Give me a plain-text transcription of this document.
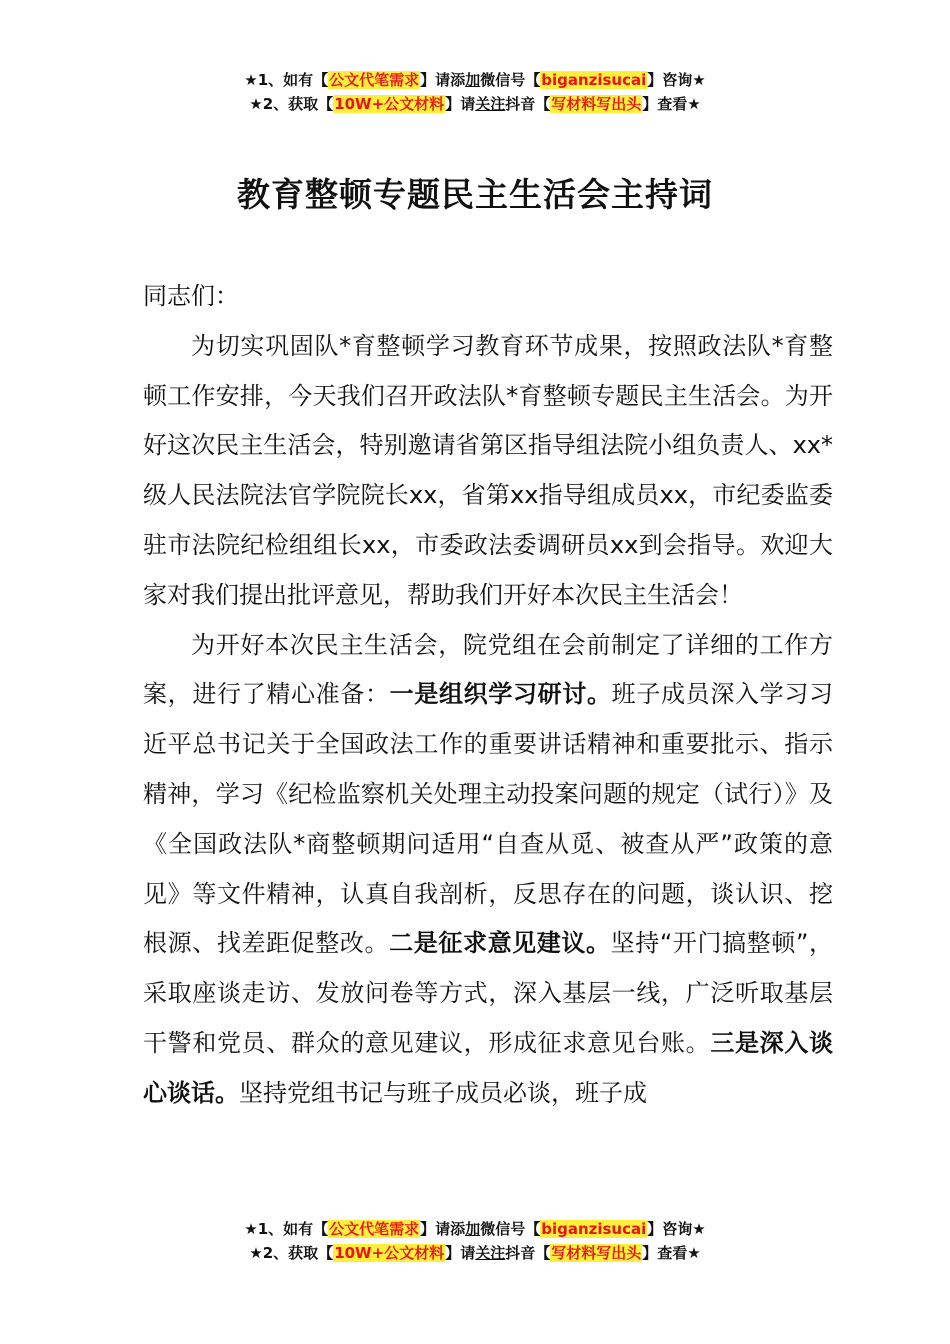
★1、如有【公文代笔需求】请添加微信号【biganzisucai】咨询★
★2、获取【10W+公文材料】请关注抖音【写材料写出头】查看★
教育整顿专题民主生活会主持词

同志们：

为切实巩固队*育整顿学习教育环节成果，按照政法队*育整顿工作安排，今天我们召开政法队*育整顿专题民主生活会。为开好这次民主生活会，特别邀请省第区指导组法院小组负责人、xx*级人民法院法官学院院长xx，省第xx指导组成员xx，市纪委监委驻市法院纪检组组长xx，市委政法委调研员xx到会指导。欢迎大家对我们提出批评意见，帮助我们开好本次民主生活会！

为开好本次民主生活会，院党组在会前制定了详细的工作方案，进行了精心准备：一是组织学习研讨。班子成员深入学习习近平总书记关于全国政法工作的重要讲话精神和重要批示、指示精神，学习《纪检监察机关处理主动投案问题的规定（试行）》及《全国政法队*商整顿期问适用“自查从觅、被查从严”政策的意见》等文件精神，认真自我剖析，反思存在的问题，谈认识、挖根源、找差距促整改。二是征求意见建议。坚持“开门搞整顿”，采取座谈走访、发放问卷等方式，深入基层一线，广泛听取基层干警和党员、群众的意见建议，形成征求意见台账。三是深入谈心谈话。坚持党组书记与班子成员必谈，班子成

★1、如有【公文代笔需求】请添加微信号【biganzisucai】咨询★
★2、获取【10W+公文材料】请关注抖音【写材料写出头】查看★
